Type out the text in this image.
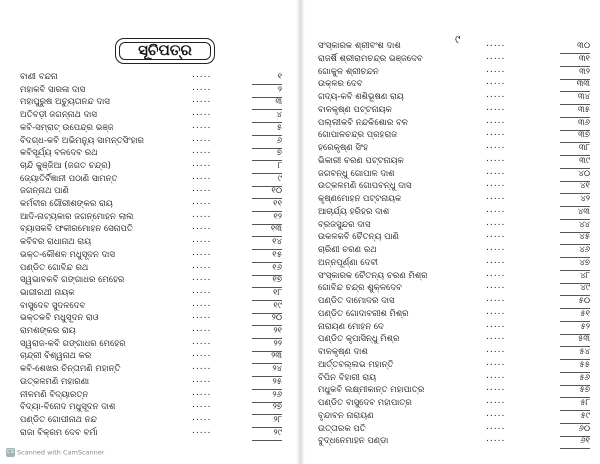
ସୂଚିପତ୍ର
୯
ବାଣୀ ବନ୍ଦନା	.....	୧
ମହାକବି ସାରଳା ଦାସ	.....	୨
ମହାପୁରୁଷ ଅଚ୍ୟୁତାନନ୍ଦ ଦାସ	.....	୩
ଅତିବଡ଼ୀ ଜଗନ୍ନାଥ ଦାସ	.....	୪
କବି-ସମ୍ରାଟ୍ ଉପେନ୍ଦ୍ର ଭଞ୍ଜ	.....	୫
ବିଦଗ୍ଧ-କବି ଅଭିମନ୍ୟୁ ସାମନ୍ତସିଂହାର	.....	୬
କବିସୂର୍ଯ୍ୟ ବଳଦେବ ରଥ	.....	୭
ଚାନ୍ଦି କୁଞ୍ଜିଆ (ଜଗତ ଚନ୍ଦ୍ର)	.....	୮
ଜ୍ୟୋତିର୍ବିଜ୍ଞାନୀ ପଠାଣି ସାମନ୍ତ	.....	୯
ଜଗନ୍ନାଥ ପାଣି	.....	୧୦
କର୍ମବୀର ଗୌରୀଶଙ୍କର ରାୟ	.....	୧୧
ଆଦି-ନାଟ୍ୟକାର ଜଗନ୍ମୋହନ ଲାଲ	.....	୧୨
ବ୍ୟାସକବି ଫକୀରମୋହନ ସେନାପତି	.....	୧୩
କବିବର ରାଧାନାଥ ରାୟ	.....	୧୪
ଭକ୍ତ-କୌଶଳ ମଧୁସୂଦନ ଦାସ	.....	୧୫
ପଣ୍ଡିତ ଗୋବିନ୍ଦ ରଥ	.....	୧୬
ସ୍ୱଭାବକବି ଗଙ୍ଗାଧର ମେହେର	.....	୧୭
ଭାଗୀରଥୀ ନାୟକ	.....	୧୮
ବାସୁଦେବ ସୁଦଳଦେବ	.....	୧୯
ଭକ୍ତକବି ମଧୁସୂଦନ ରାଓ	.....	୨୦
ରାମଶଙ୍କର ରାୟ	.....	୨୧
ସ୍ୱରାଜ-କବି ଗଙ୍ଗାଧର ମେହେର	.....	୨୨
ଚାନ୍ଦ୍ରୀ ବିଶ୍ୱନାଥ କର	.....	୨୩
କବି-ଶେଖର ଚିନ୍ତାମଣି ମହାନ୍ତି	.....	୨୪
ଉତ୍କଳମଣି ମହାରଣା	.....	୨୫
ନୀଳମଣି ବିଦ୍ୟାରତ୍ନ	.....	୨୬
ବିଦ୍ୟା-ବିନୋଦ ମଧୁସୂଦନ ଦାଶ	.....	୨୭
ପଣ୍ଡିତ ଗୋପୀନାଥ ନନ୍ଦ	.....	୨୮
ରାଜା ବିକ୍ରମ ଦେବ ବର୍ମା	.....	୨୯
ସଂସ୍କାରକ ଶ୍ରୀବଂଶ ଦାଶ	.....	୩୦
ରାଜର୍ଷି ଶ୍ରୀରାମଚନ୍ଦ୍ର ଭଞ୍ଜଦେବ	.....	୩୧
ଗୋକୁଳ ଶ୍ରୀଚନ୍ଦନ	.....	୩୨
ଉକ୍ଳର ଦେବ	.....	୩୩
ଗଦ୍ୟ-କବି ଶଶିଭୂଷଣ ରାୟ	.....	୩୪
ବାଳକୃଷ୍ଣ ପଟ୍ଟନାୟକ	.....	୩୫
ପଲ୍ଲୀକବି ନନ୍ଦକିଶୋର ବଳ	.....	୩୬
ଗୋପାଳଚନ୍ଦ୍ର ପ୍ରହରାଜ	.....	୩୭
ହରେକୃଷ୍ଣ ସିଂହ	.....	୩୮
ଭିକାରୀ ଚରଣ ପଟ୍ଟନାୟକ	.....	୩୯
ଜଗବନ୍ଧୁ ଗୋପାଳ ଦାଶ	.....	୪୦
ଉତ୍କଳମଣି ଗୋପବନ୍ଧୁ ଦାସ	.....	୪୧
କୃଷ୍ଣମୋହନ ପଟ୍ଟନାୟକ	.....	୪୨
ଆଚାର୍ଯ୍ୟ ହରିହର ଦାଶ	.....	୪୩
ବ୍ରଜସୁନ୍ଦର ଦାସ	.....	୪୪
ଉକଳକବି ଚୈତନ୍ୟ ପାଣି	.....	୪୫
ଚାରିଣୀ ଚରଣ ରଥ	.....	୪୬
ଅନ୍ନପୂର୍ଣ୍ଣା ଦେବୀ	.....	୪୭
ସଂସ୍କାରକ ଚୈତନ୍ୟ ଚରଣ ମିଶ୍ର	.....	୪୮
ଗୋବିନ୍ଦ ଚନ୍ଦ୍ର ଶୁକ୍ଳଦେବ	.....	୪୯
ପଣ୍ଡିତ ଦାମୋଦର ଦାସ	.....	୫୦
ପଣ୍ଡିତ ଗୋଦାବରୀଶ ମିଶ୍ର	.....	୫୧
ନାରାୟଣ ମୋହନ ଦେ	.....	୫୨
ପଣ୍ଡିତ କୃପାସିନ୍ଧୁ ମିଶ୍ର	.....	୫୩
ବାଳକୃଷ୍ଣ ଦାଶ	.....	୫୪
ଆର୍ତ୍ତବଲ୍ଲଭ ମହାନ୍ତି	.....	୫୫
ବିପିନ ବିହାରୀ ରାୟ	.....	୫୬
ମଧୁକବି ଲକ୍ଷ୍ମୀକାନ୍ତ ମହାପାତ୍ର	.....	୫୭
ପଣ୍ଡିତ ବାସୁଦେବ ମହାପାତ୍ର	.....	୫୮
ବୃନ୍ଦାବନ ନାରାୟଣ	.....	୫୯
ଉତ୍ତାରକ ପତି	.....	୬୦
ବୁଦ୍ଧନେମାହନ ପଣ୍ଡା	.....	୬୧
CS Scanned with CamScanner
